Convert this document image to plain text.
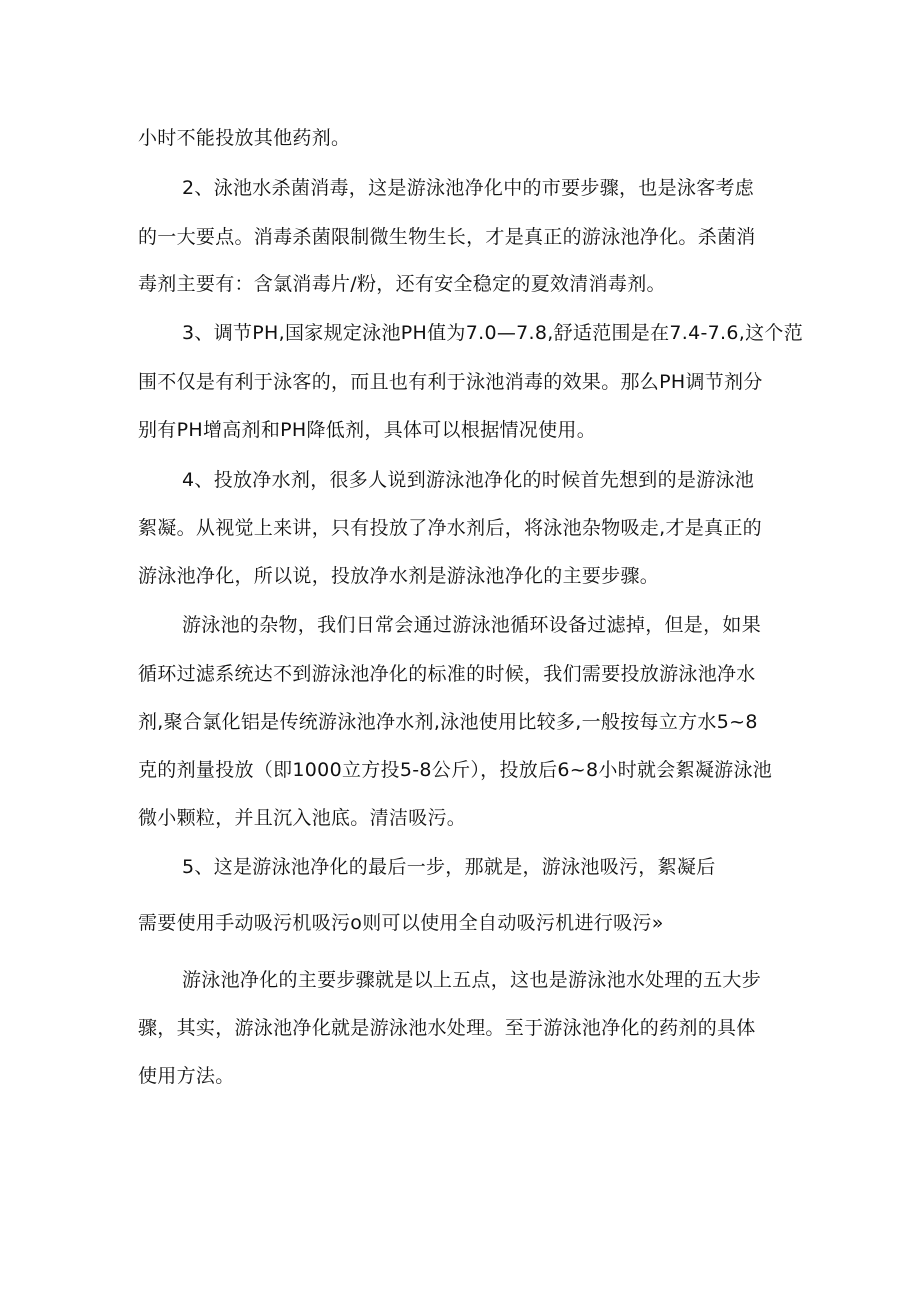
小时不能投放其他药剂。
2、泳池水杀菌消毒，这是游泳池净化中的市要步骤，也是泳客考虑
的一大要点。消毒杀菌限制微生物生长，才是真正的游泳池净化。杀菌消
毒剂主要有：含氯消毒片/粉，还有安全稳定的夏效清消毒剂。
3、调节PH,国家规定泳池PH值为7.0—7.8,舒适范围是在7.4-7.6,这个范
围不仅是有利于泳客的，而且也有利于泳池消毒的效果。那么PH调节剂分
别有PH增高剂和PH降低剂，具体可以根据情况使用。
4、投放净水剂，很多人说到游泳池净化的时候首先想到的是游泳池
絮凝。从视觉上来讲，只有投放了净水剂后，将泳池杂物吸走,才是真正的
游泳池净化，所以说，投放净水剂是游泳池净化的主要步骤。
游泳池的杂物，我们日常会通过游泳池循环设备过滤掉，但是，如果
循环过滤系统达不到游泳池净化的标准的时候，我们需要投放游泳池净水
剂,聚合氯化铝是传统游泳池净水剂,泳池使用比较多,一般按每立方水5~8
克的剂量投放（即1000立方投5-8公斤），投放后6~8小时就会絮凝游泳池
微小颗粒，并且沉入池底。清洁吸污。
5、这是游泳池净化的最后一步，那就是，游泳池吸污，絮凝后
需要使用手动吸污机吸污o则可以使用全自动吸污机进行吸污»
游泳池净化的主要步骤就是以上五点，这也是游泳池水处理的五大步
骤，其实，游泳池净化就是游泳池水处理。至于游泳池净化的药剂的具体
使用方法。
